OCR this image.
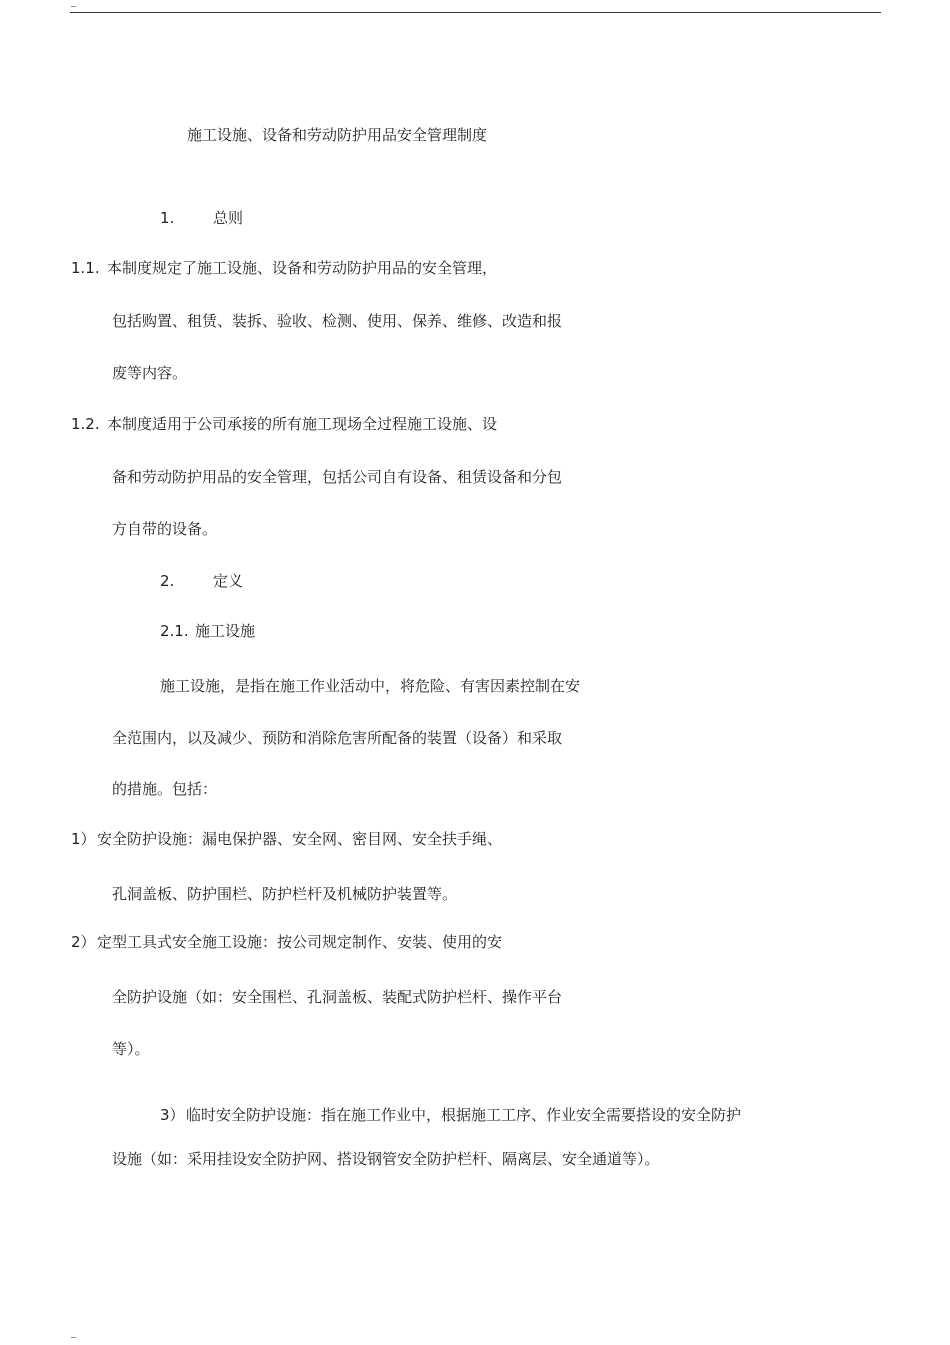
施工设施、设备和劳动防护用品安全管理制度
1.	总则
1.1. 本制度规定了施工设施、设备和劳动防护用品的安全管理，
包括购置、租赁、装拆、验收、检测、使用、保养、维修、改造和报
废等内容。
1.2. 本制度适用于公司承接的所有施工现场全过程施工设施、设
备和劳动防护用品的安全管理，包括公司自有设备、租赁设备和分包
方自带的设备。
2.	定义
2.1. 施工设施
施工设施，是指在施工作业活动中，将危险、有害因素控制在安
全范围内，以及减少、预防和消除危害所配备的装置（设备）和采取
的措施。包括：
1）安全防护设施：漏电保护器、安全网、密目网、安全扶手绳、
孔洞盖板、防护围栏、防护栏杆及机械防护装置等。
2）定型工具式安全施工设施：按公司规定制作、安装、使用的安
全防护设施（如：安全围栏、孔洞盖板、装配式防护栏杆、操作平台
等）。
3）临时安全防护设施：指在施工作业中，根据施工工序、作业安全需要搭设的安全防护
设施（如：采用挂设安全防护网、搭设钢管安全防护栏杆、隔离层、安全通道等）。
